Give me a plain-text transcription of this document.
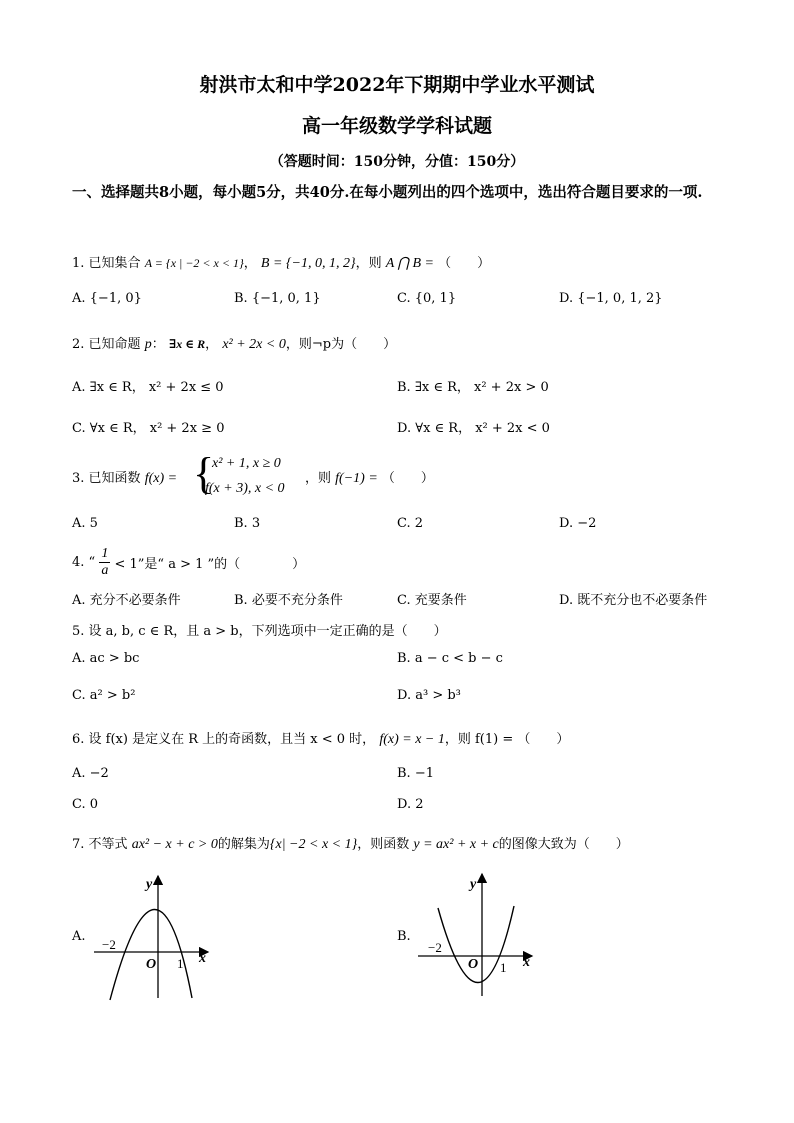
射洪市太和中学2022年下期期中学业水平测试
高一年级数学学科试题
（答题时间：150分钟，分值：150分）
一、选择题共8小题，每小题5分，共40分.在每小题列出的四个选项中，选出符合题目要求的一项.
1. 已知集合 A = {x | −2 < x < 1}， B = {−1, 0, 1, 2}，则 A ⋂ B = （　　）
A. {−1, 0}	B. {−1, 0, 1}	C. {0, 1}	D. {−1, 0, 1, 2}
2. 已知命题 p： ∃x ∈ R， x² + 2x < 0，则¬p为（　　）
A. ∃x ∈ R， x² + 2x ≤ 0	B. ∃x ∈ R， x² + 2x > 0
C. ∀x ∈ R， x² + 2x ≥ 0	D. ∀x ∈ R， x² + 2x < 0
3. 已知函数 f(x) = {
x² + 1, x ≥ 0
f(x + 3), x < 0
，则 f(−1) = （　　）
A. 5	B. 3	C. 2	D. −2
4. “ $\frac{1}{a} < 1$”是“ a > 1 ”的（　　　　）
A. 充分不必要条件	B. 必要不充分条件	C. 充要条件	D. 既不充分也不必要条件
5. 设 a, b, c ∈ R，且 a > b，下列选项中一定正确的是（　　）
A. ac > bc	B. a − c < b − c
C. a² > b²	D. a³ > b³
6. 设 f(x) 是定义在 R 上的奇函数，且当 x < 0 时， f(x) = x − 1，则 f(1) = （　　）
A. −2	B. −1
C. 0	D. 2
7. 不等式 ax² − x + c > 0的解集为{x| −2 < x < 1}，则函数 y = ax² + x + c的图像大致为（　　）
A.
y
x
O
−2
1
B.
y
x
O
−2
1
